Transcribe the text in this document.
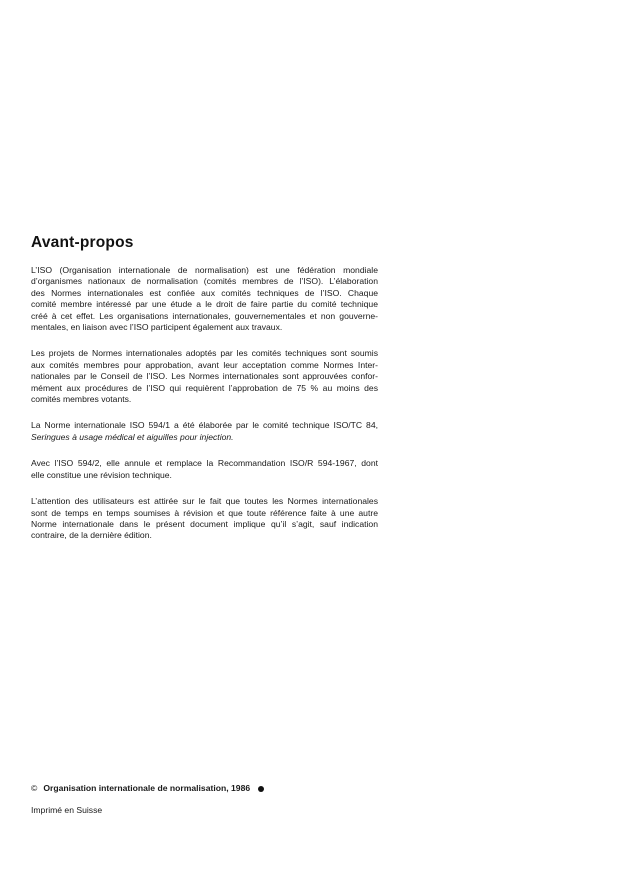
Avant-propos

L’ISO (Organisation internationale de normalisation) est une fédération mondiale
d’organismes nationaux de normalisation (comités membres de l’ISO). L’élaboration
des Normes internationales est confiée aux comités techniques de l’ISO. Chaque
comité membre intéressé par une étude a le droit de faire partie du comité technique
créé à cet effet. Les organisations internationales, gouvernementales et non gouverne-
mentales, en liaison avec l’ISO participent également aux travaux.

Les projets de Normes internationales adoptés par les comités techniques sont soumis
aux comités membres pour approbation, avant leur acceptation comme Normes Inter-
nationales par le Conseil de l’ISO. Les Normes internationales sont approuvées confor-
mément aux procédures de l’ISO qui requièrent l’approbation de 75 % au moins des
comités membres votants.

La Norme internationale ISO 594/1 a été élaborée par le comité technique ISO/TC 84,
Seringues à usage médical et aiguilles pour injection.

Avec l’ISO 594/2, elle annule et remplace la Recommandation ISO/R 594-1967, dont
elle constitue une révision technique.

L’attention des utilisateurs est attirée sur le fait que toutes les Normes internationales
sont de temps en temps soumises à révision et que toute référence faite à une autre
Norme internationale dans le présent document implique qu’il s’agit, sauf indication
contraire, de la dernière édition.

© Organisation internationale de normalisation, 1986
Imprimé en Suisse
